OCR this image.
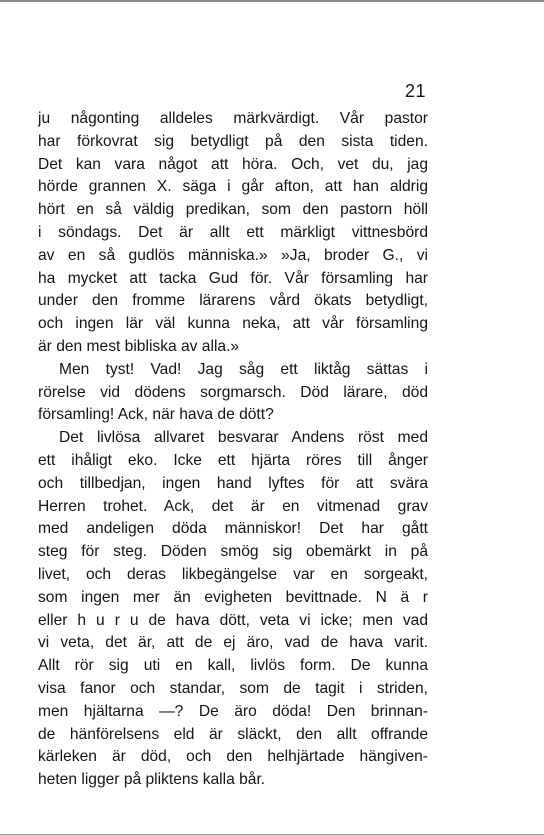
21
ju någonting alldeles märkvärdigt. Vår pastor
har förkovrat sig betydligt på den sista tiden.
Det kan vara något att höra. Och, vet du, jag
hörde grannen X. säga i går afton, att han aldrig
hört en så väldig predikan, som den pastorn höll
i söndags. Det är allt ett märkligt vittnesbörd
av en så gudlös människa.» »Ja, broder G., vi
ha mycket att tacka Gud för. Vår församling har
under den fromme lärarens vård ökats betydligt,
och ingen lär väl kunna neka, att vår församling
är den mest bibliska av alla.»
Men tyst! Vad! Jag såg ett liktåg sättas i
rörelse vid dödens sorgmarsch. Död lärare, död
församling! Ack, när hava de dött?
Det livlösa allvaret besvarar Andens röst med
ett ihåligt eko. Icke ett hjärta röres till ånger
och tillbedjan, ingen hand lyftes för att svära
Herren trohet. Ack, det är en vitmenad grav
med andeligen döda människor! Det har gått
steg för steg. Döden smög sig obemärkt in på
livet, och deras likbegängelse var en sorgeakt,
som ingen mer än evigheten bevittnade. N ä r
eller h u r u de hava dött, veta vi icke; men vad
vi veta, det är, att de ej äro, vad de hava varit.
Allt rör sig uti en kall, livlös form. De kunna
visa fanor och standar, som de tagit i striden,
men hjältarna —? De äro döda! Den brinnan-
de hänförelsens eld är släckt, den allt offrande
kärleken är död, och den helhjärtade hängiven-
heten ligger på pliktens kalla bår.
